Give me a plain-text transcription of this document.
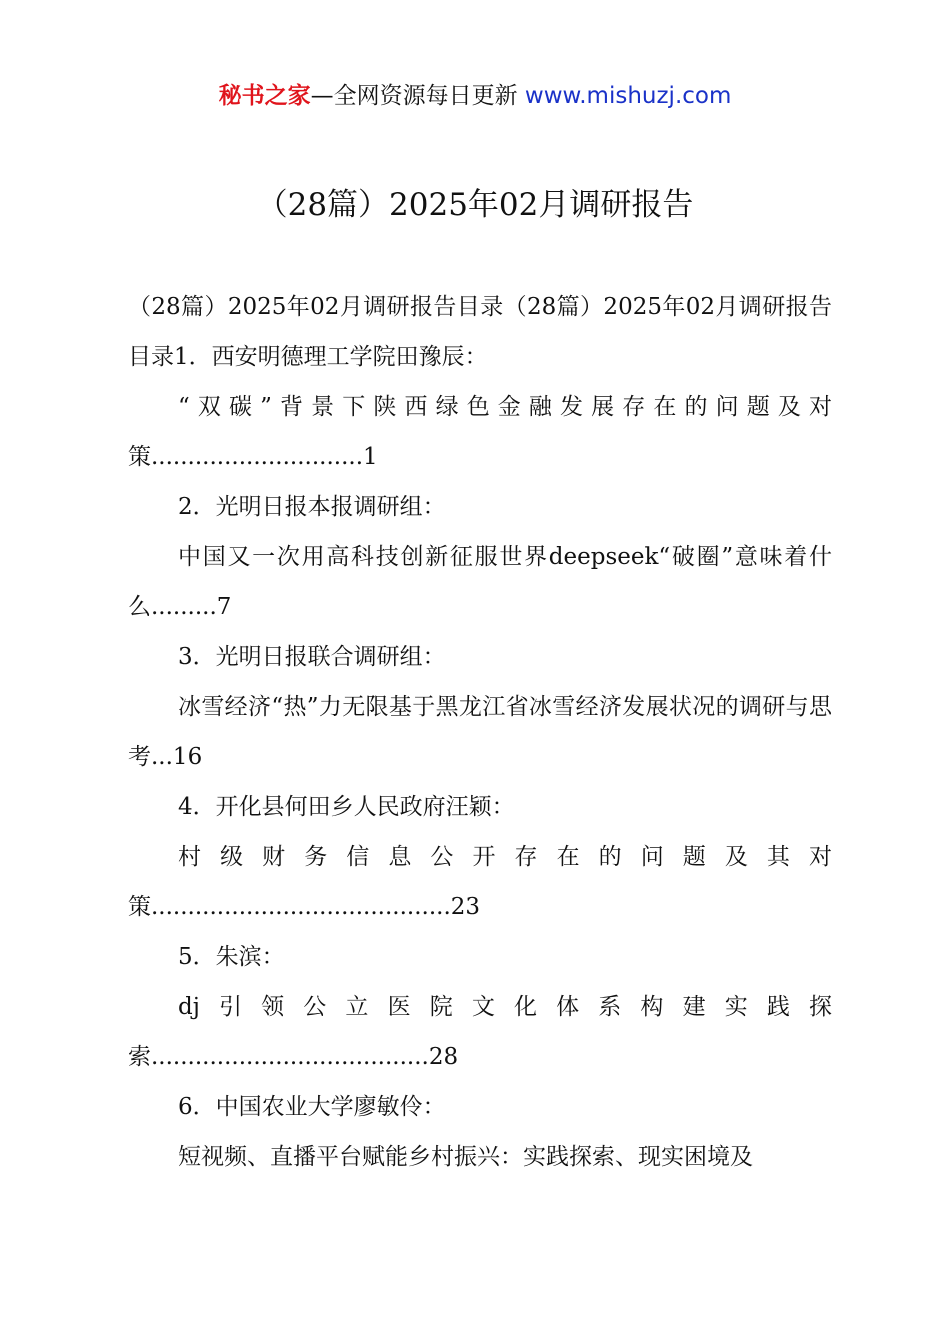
秘书之家—全网资源每日更新 www.mishuzj.com
（28篇）2025年02月调研报告

（28篇）2025年02月调研报告目录（28篇）2025年02月调研报告目录1．西安明德理工学院田豫辰：

“双碳”背景下陕西绿色金融发展存在的问题及对策.............................1

2．光明日报本报调研组：

中国又一次用高科技创新征服世界deepseek“破圈”意味着什么.........7

3．光明日报联合调研组：

冰雪经济“热”力无限基于黑龙江省冰雪经济发展状况的调研与思考...16

4．开化县何田乡人民政府汪颖：

村级财务信息公开存在的问题及其对策.........................................23

5．朱滨：

dj引领公立医院文化体系构建实践探索......................................28

6．中国农业大学廖敏伶：

短视频、直播平台赋能乡村振兴：实践探索、现实困境及
